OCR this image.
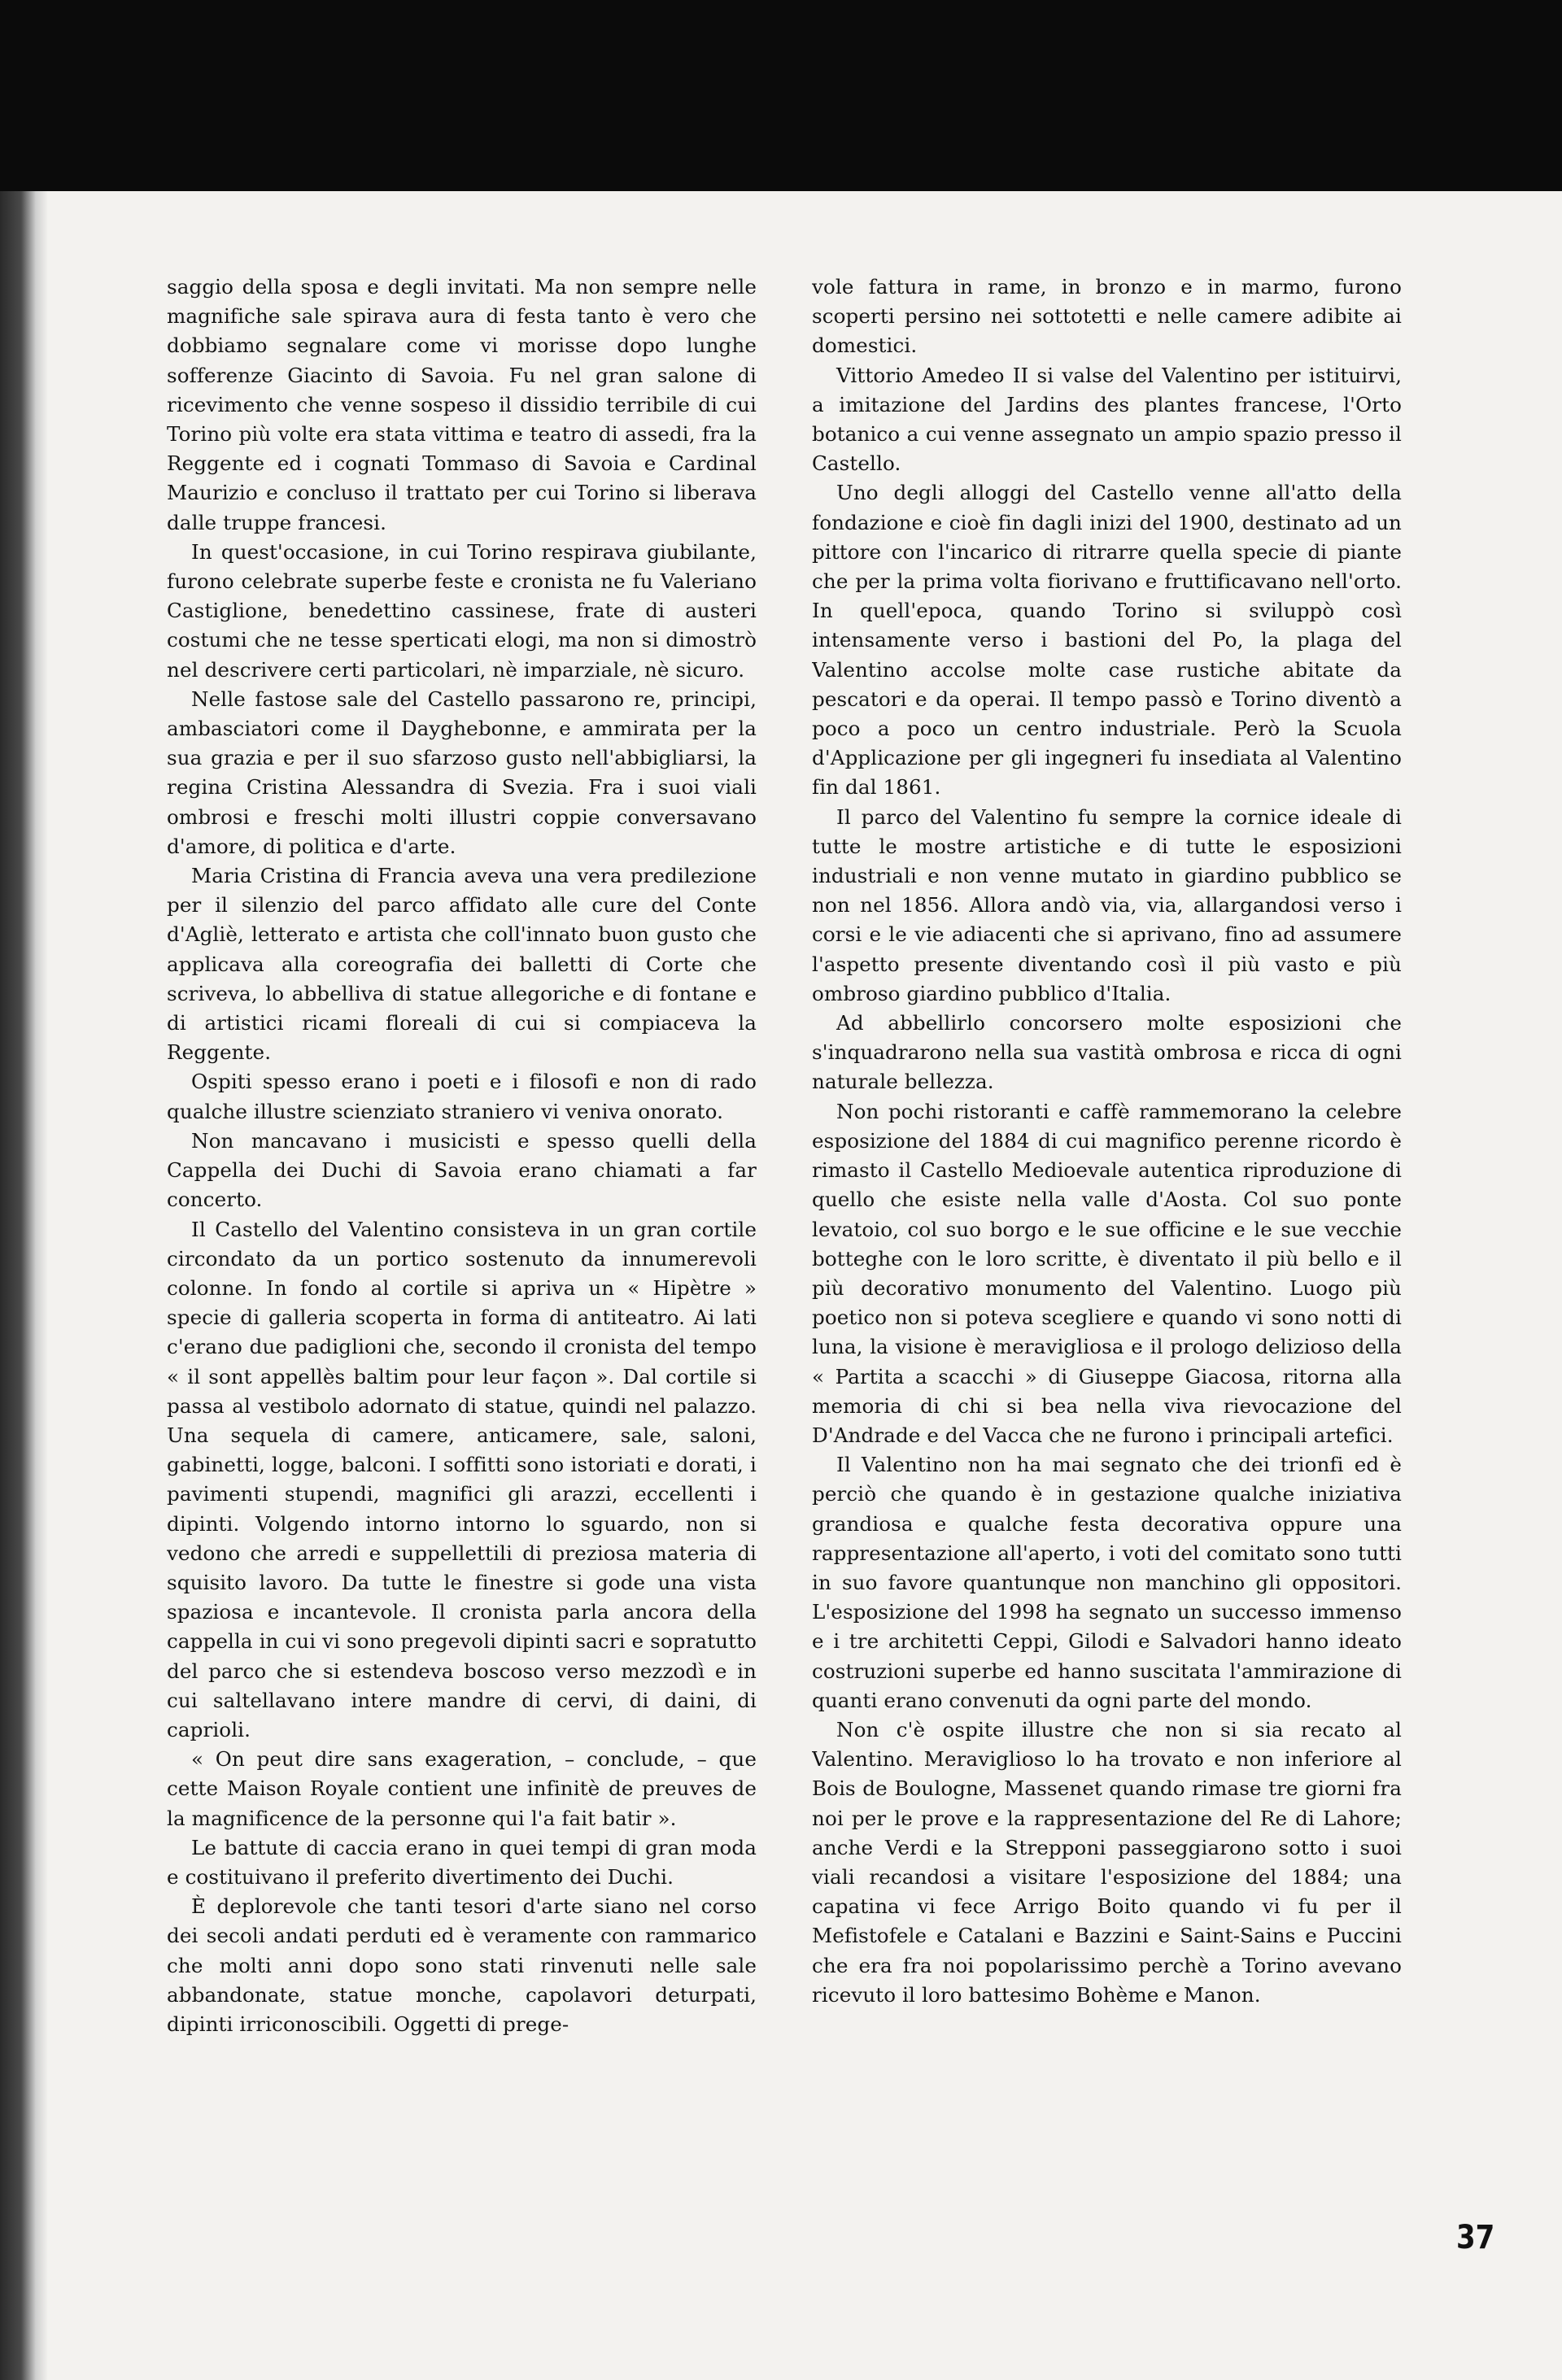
saggio della sposa e degli invitati. Ma non sempre nelle magnifiche sale spirava aura di festa tanto è vero che dobbiamo segnalare come vi morisse dopo lunghe sofferenze Giacinto di Savoia. Fu nel gran salone di ricevimento che venne sospeso il dissidio terribile di cui Torino più volte era stata vittima e teatro di assedi, fra la Reggente ed i cognati Tommaso di Savoia e Cardinal Maurizio e concluso il trattato per cui Torino si liberava dalle truppe francesi.

In quest'occasione, in cui Torino respirava giubilante, furono celebrate superbe feste e cronista ne fu Valeriano Castiglione, benedettino cassinese, frate di austeri costumi che ne tesse sperticati elogi, ma non si dimostrò nel descrivere certi particolari, nè imparziale, nè sicuro.

Nelle fastose sale del Castello passarono re, principi, ambasciatori come il Dayghebonne, e ammirata per la sua grazia e per il suo sfarzoso gusto nell'abbigliarsi, la regina Cristina Alessandra di Svezia. Fra i suoi viali ombrosi e freschi molti illustri coppie conversavano d'amore, di politica e d'arte.

Maria Cristina di Francia aveva una vera predilezione per il silenzio del parco affidato alle cure del Conte d'Agliè, letterato e artista che coll'innato buon gusto che applicava alla coreografia dei balletti di Corte che scriveva, lo abbelliva di statue allegoriche e di fontane e di artistici ricami floreali di cui si compiaceva la Reggente.

Ospiti spesso erano i poeti e i filosofi e non di rado qualche illustre scienziato straniero vi veniva onorato.

Non mancavano i musicisti e spesso quelli della Cappella dei Duchi di Savoia erano chiamati a far concerto.

Il Castello del Valentino consisteva in un gran cortile circondato da un portico sostenuto da innumerevoli colonne. In fondo al cortile si apriva un « Hipètre » specie di galleria scoperta in forma di antiteatro. Ai lati c'erano due padiglioni che, secondo il cronista del tempo « il sont appellès baltim pour leur façon ». Dal cortile si passa al vestibolo adornato di statue, quindi nel palazzo. Una sequela di camere, anticamere, sale, saloni, gabinetti, logge, balconi. I soffitti sono istoriati e dorati, i pavimenti stupendi, magnifici gli arazzi, eccellenti i dipinti. Volgendo intorno intorno lo sguardo, non si vedono che arredi e suppellettili di preziosa materia di squisito lavoro. Da tutte le finestre si gode una vista spaziosa e incantevole. Il cronista parla ancora della cappella in cui vi sono pregevoli dipinti sacri e sopratutto del parco che si estendeva boscoso verso mezzodì e in cui saltellavano intere mandre di cervi, di daini, di caprioli.

« On peut dire sans exageration, – conclude, – que cette Maison Royale contient une infinitè de preuves de la magnificence de la personne qui l'a fait batir ».

Le battute di caccia erano in quei tempi di gran moda e costituivano il preferito divertimento dei Duchi.

È deplorevole che tanti tesori d'arte siano nel corso dei secoli andati perduti ed è veramente con rammarico che molti anni dopo sono stati rinvenuti nelle sale abbandonate, statue monche, capolavori deturpati, dipinti irriconoscibili. Oggetti di prege-

vole fattura in rame, in bronzo e in marmo, furono scoperti persino nei sottotetti e nelle camere adibite ai domestici.

Vittorio Amedeo II si valse del Valentino per istituirvi, a imitazione del Jardins des plantes francese, l'Orto botanico a cui venne assegnato un ampio spazio presso il Castello.

Uno degli alloggi del Castello venne all'atto della fondazione e cioè fin dagli inizi del 1900, destinato ad un pittore con l'incarico di ritrarre quella specie di piante che per la prima volta fiorivano e fruttificavano nell'orto. In quell'epoca, quando Torino si sviluppò così intensamente verso i bastioni del Po, la plaga del Valentino accolse molte case rustiche abitate da pescatori e da operai. Il tempo passò e Torino diventò a poco a poco un centro industriale. Però la Scuola d'Applicazione per gli ingegneri fu insediata al Valentino fin dal 1861.

Il parco del Valentino fu sempre la cornice ideale di tutte le mostre artistiche e di tutte le esposizioni industriali e non venne mutato in giardino pubblico se non nel 1856. Allora andò via, via, allargandosi verso i corsi e le vie adiacenti che si aprivano, fino ad assumere l'aspetto presente diventando così il più vasto e più ombroso giardino pubblico d'Italia.

Ad abbellirlo concorsero molte esposizioni che s'inquadrarono nella sua vastità ombrosa e ricca di ogni naturale bellezza.

Non pochi ristoranti e caffè rammemorano la celebre esposizione del 1884 di cui magnifico perenne ricordo è rimasto il Castello Medioevale autentica riproduzione di quello che esiste nella valle d'Aosta. Col suo ponte levatoio, col suo borgo e le sue officine e le sue vecchie botteghe con le loro scritte, è diventato il più bello e il più decorativo monumento del Valentino. Luogo più poetico non si poteva scegliere e quando vi sono notti di luna, la visione è meravigliosa e il prologo delizioso della « Partita a scacchi » di Giuseppe Giacosa, ritorna alla memoria di chi si bea nella viva rievocazione del D'Andrade e del Vacca che ne furono i principali artefici.

Il Valentino non ha mai segnato che dei trionfi ed è perciò che quando è in gestazione qualche iniziativa grandiosa e qualche festa decorativa oppure una rappresentazione all'aperto, i voti del comitato sono tutti in suo favore quantunque non manchino gli oppositori. L'esposizione del 1998 ha segnato un successo immenso e i tre architetti Ceppi, Gilodi e Salvadori hanno ideato costruzioni superbe ed hanno suscitata l'ammirazione di quanti erano convenuti da ogni parte del mondo.

Non c'è ospite illustre che non si sia recato al Valentino. Meraviglioso lo ha trovato e non inferiore al Bois de Boulogne, Massenet quando rimase tre giorni fra noi per le prove e la rappresentazione del Re di Lahore; anche Verdi e la Strepponi passeggiarono sotto i suoi viali recandosi a visitare l'esposizione del 1884; una capatina vi fece Arrigo Boito quando vi fu per il Mefistofele e Catalani e Bazzini e Saint-Sains e Puccini che era fra noi popolarissimo perchè a Torino avevano ricevuto il loro battesimo Bohème e Manon.

37
